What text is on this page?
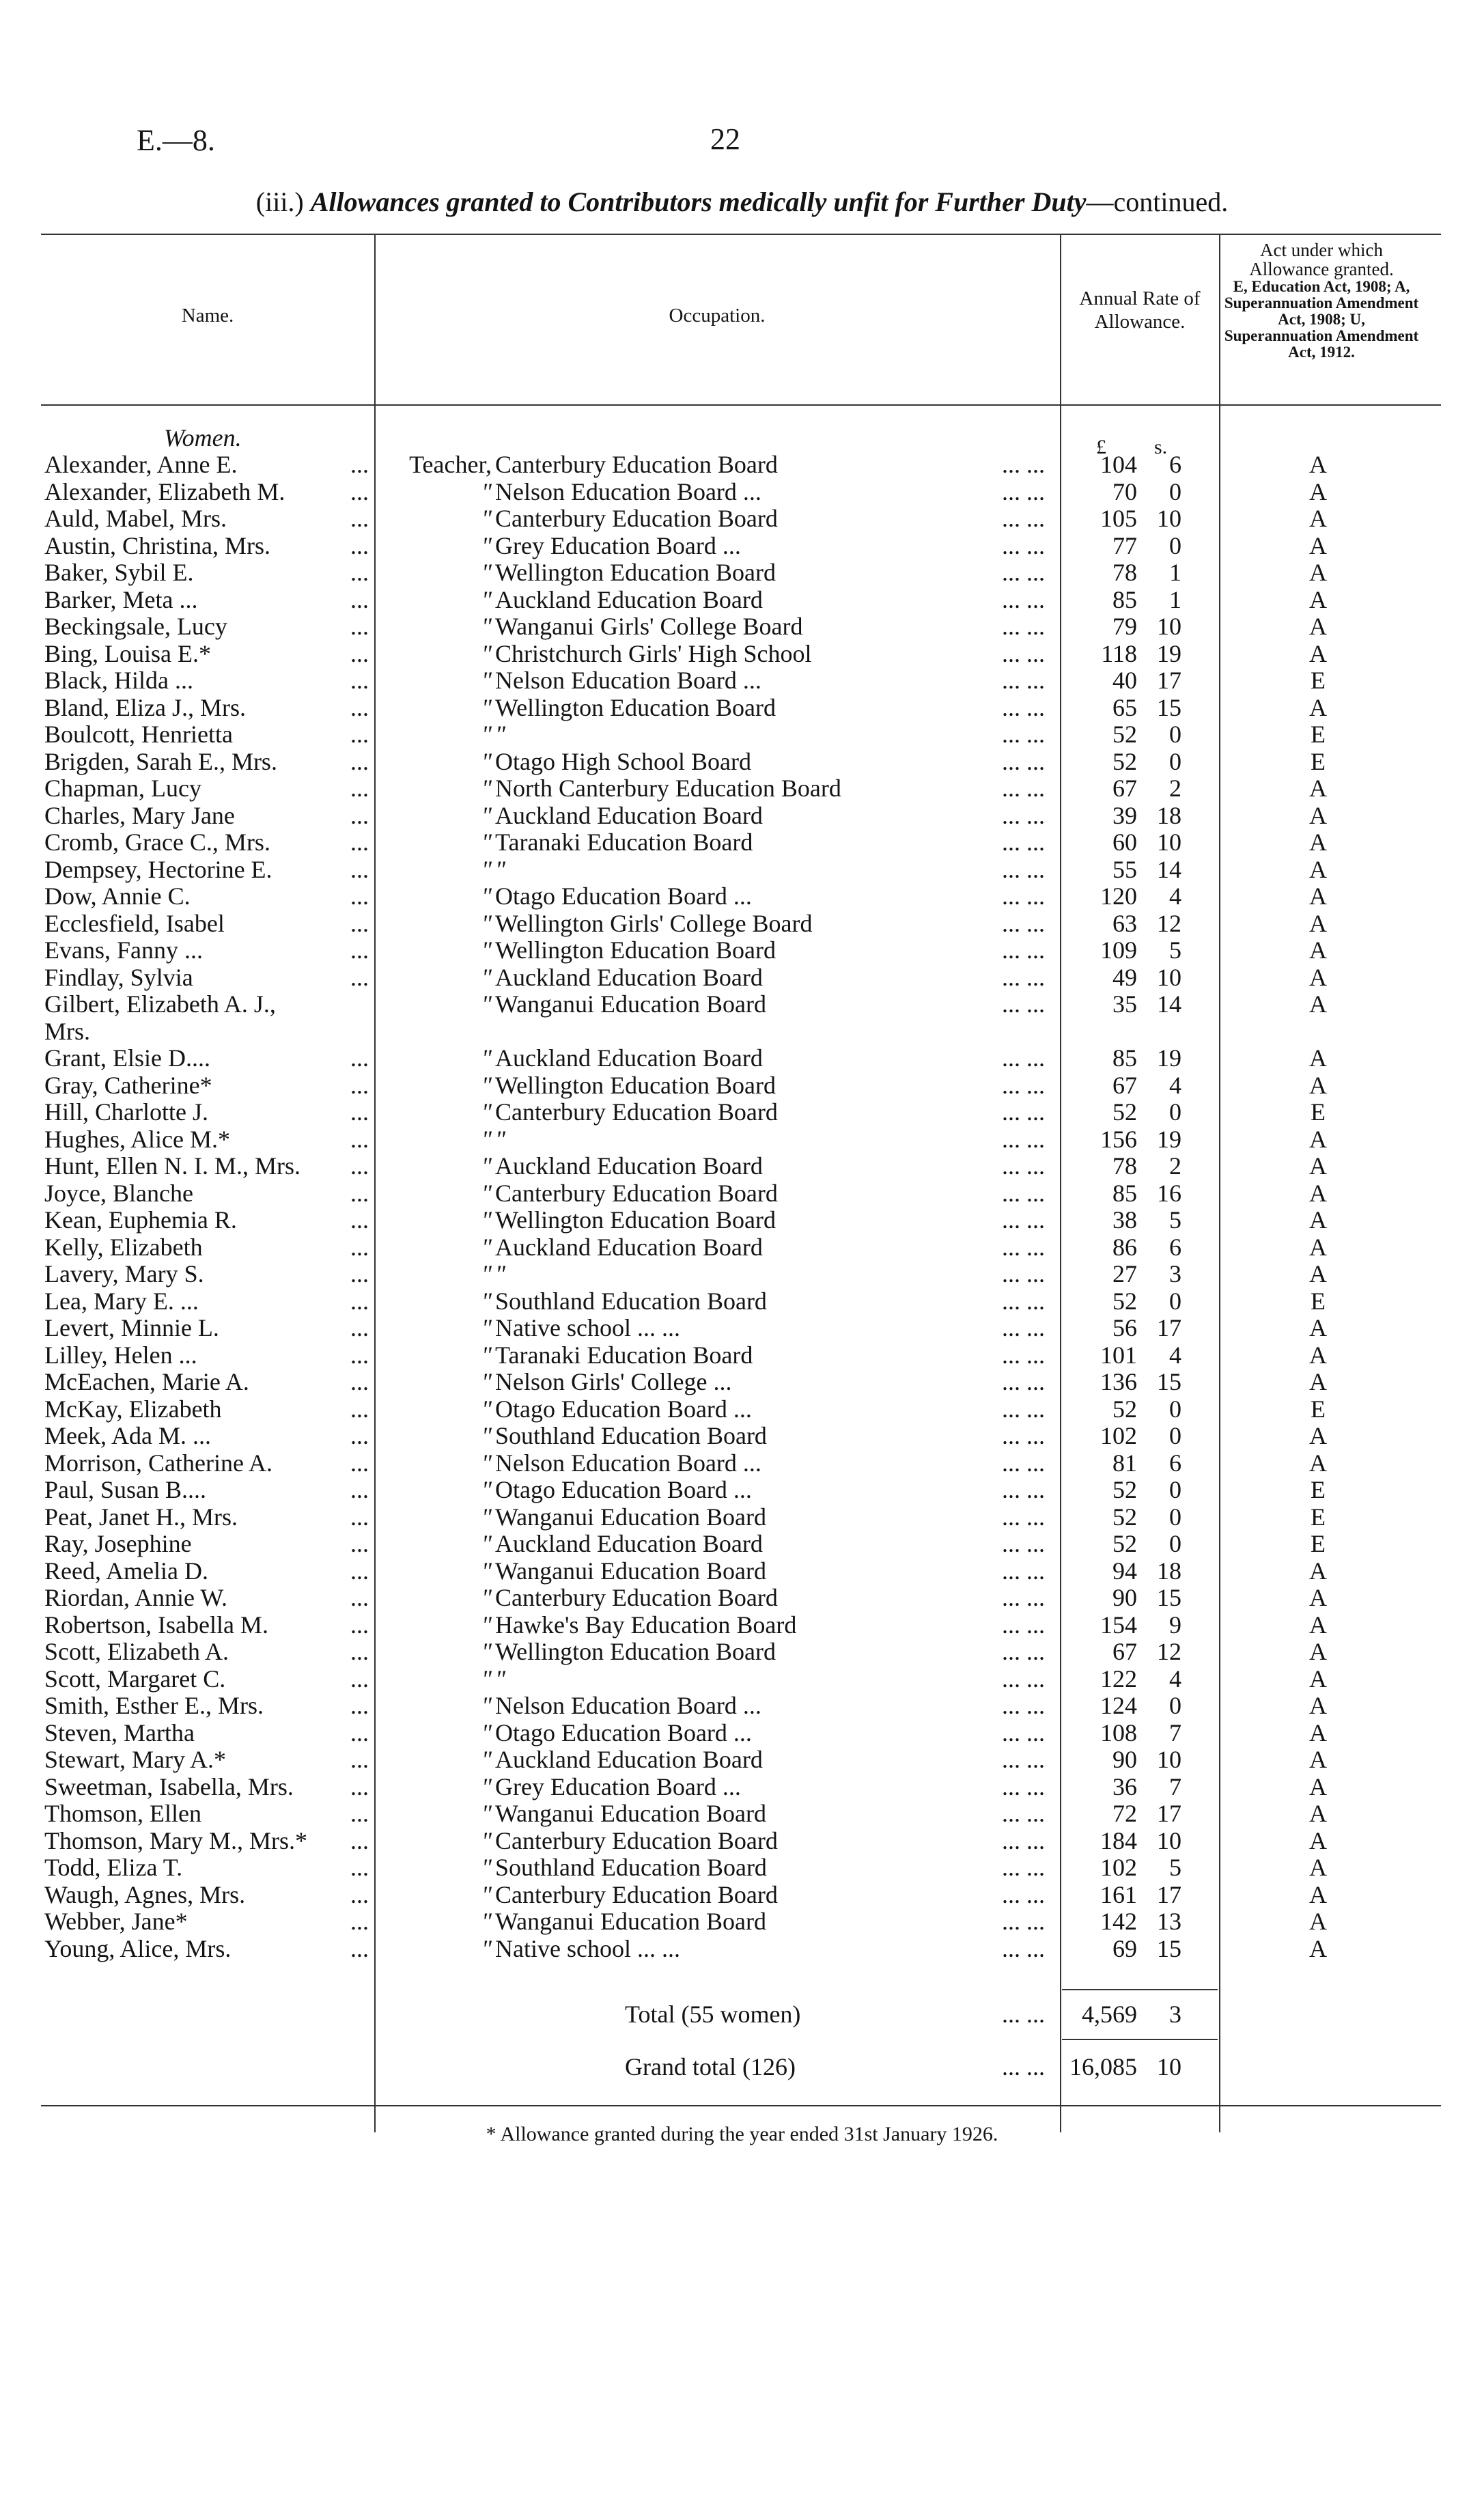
E.—8.	22
(iii.) Allowances granted to Contributors medically unfit for Further Duty—continued.
Name.	Occupation.
Annual Rate of Allowance.
Act under which Allowance granted.
E, Education Act, 1908; A, Superannuation Amendment Act, 1908; U, Superannuation Amendment Act, 1912.
Women.	£ s.
Alexander, Anne E.	...	Teacher, Canterbury Education Board	... ...	104	6	A
Alexander, Elizabeth M.	...	" Nelson Education Board ...	... ...	70	0	A
Auld, Mabel, Mrs.	...	" Canterbury Education Board	... ...	105 10	A
Austin, Christina, Mrs.	...	" Grey Education Board ...	... ...	77	0	A
Baker, Sybil E.	...	" Wellington Education Board	... ...	78	1	A
Barker, Meta ...	...	" Auckland Education Board	... ...	85	1	A
Beckingsale, Lucy	...	" Wanganui Girls' College Board	... ...	79 10	A
Bing, Louisa E.*	...	" Christchurch Girls' High School	... ...	118 19	A
Black, Hilda ...	...	" Nelson Education Board ...	... ...	40 17	E
Bland, Eliza J., Mrs.	...	" Wellington Education Board	... ...	65 15	A
Boulcott, Henrietta	...	" "	... ...	52	0	E
Brigden, Sarah E., Mrs.	...	" Otago High School Board	... ...	52	0	E
Chapman, Lucy	...	" North Canterbury Education Board	... ...	67	2	A
Charles, Mary Jane	...	" Auckland Education Board	... ...	39 18	A
Cromb, Grace C., Mrs.	...	" Taranaki Education Board	... ...	60 10	A
Dempsey, Hectorine E.	...	" "	... ...	55 14	A
Dow, Annie C.	...	" Otago Education Board ...	... ...	120	4	A
Ecclesfield, Isabel	...	" Wellington Girls' College Board	... ...	63 12	A
Evans, Fanny ...	...	" Wellington Education Board	... ...	109	5	A
Findlay, Sylvia	...	" Auckland Education Board	... ...	49 10	A
Gilbert, Elizabeth A. J.,	" Wanganui Education Board	... ...	35 14	A
Mrs.
Grant, Elsie D....	...	" Auckland Education Board	... ...	85 19	A
Gray, Catherine*	...	" Wellington Education Board	... ...	67	4	A
Hill, Charlotte J.	...	" Canterbury Education Board	... ...	52	0	E
Hughes, Alice M.*	...	" "	... ...	156 19	A
Hunt, Ellen N. I. M., Mrs.	...	" Auckland Education Board	... ...	78	2	A
Joyce, Blanche	...	" Canterbury Education Board	... ...	85 16	A
Kean, Euphemia R.	...	" Wellington Education Board	... ...	38	5	A
Kelly, Elizabeth	...	" Auckland Education Board	... ...	86	6	A
Lavery, Mary S.	...	" "	... ...	27	3	A
Lea, Mary E. ...	...	" Southland Education Board	... ...	52	0	E
Levert, Minnie L.	...	" Native school ... ...	... ...	56 17	A
Lilley, Helen ...	...	" Taranaki Education Board	... ...	101	4	A
McEachen, Marie A.	...	" Nelson Girls' College ...	... ...	136 15	A
McKay, Elizabeth	...	" Otago Education Board ...	... ...	52	0	E
Meek, Ada M. ...	...	" Southland Education Board	... ...	102	0	A
Morrison, Catherine A.	...	" Nelson Education Board ...	... ...	81	6	A
Paul, Susan B....	...	" Otago Education Board ...	... ...	52	0	E
Peat, Janet H., Mrs.	...	" Wanganui Education Board	... ...	52	0	E
Ray, Josephine	...	" Auckland Education Board	... ...	52	0	E
Reed, Amelia D.	...	" Wanganui Education Board	... ...	94 18	A
Riordan, Annie W.	...	" Canterbury Education Board	... ...	90 15	A
Robertson, Isabella M.	...	" Hawke's Bay Education Board	... ...	154	9	A
Scott, Elizabeth A.	...	" Wellington Education Board	... ...	67 12	A
Scott, Margaret C.	...	" "	... ...	122	4	A
Smith, Esther E., Mrs.	...	" Nelson Education Board ...	... ...	124	0	A
Steven, Martha	...	" Otago Education Board ...	... ...	108	7	A
Stewart, Mary A.*	...	" Auckland Education Board	... ...	90 10	A
Sweetman, Isabella, Mrs.	...	" Grey Education Board ...	... ...	36	7	A
Thomson, Ellen	...	" Wanganui Education Board	... ...	72 17	A
Thomson, Mary M., Mrs.*	...	" Canterbury Education Board	... ...	184 10	A
Todd, Eliza T.	...	" Southland Education Board	... ...	102	5	A
Waugh, Agnes, Mrs.	...	" Canterbury Education Board	... ...	161 17	A
Webber, Jane*	...	" Wanganui Education Board	... ...	142 13	A
Young, Alice, Mrs.	...	" Native school ... ...	... ...	69 15	A
Total (55 women)	... ...	4,569	3
Grand total (126)	... ...	16,085 10
* Allowance granted during the year ended 31st January 1926.
